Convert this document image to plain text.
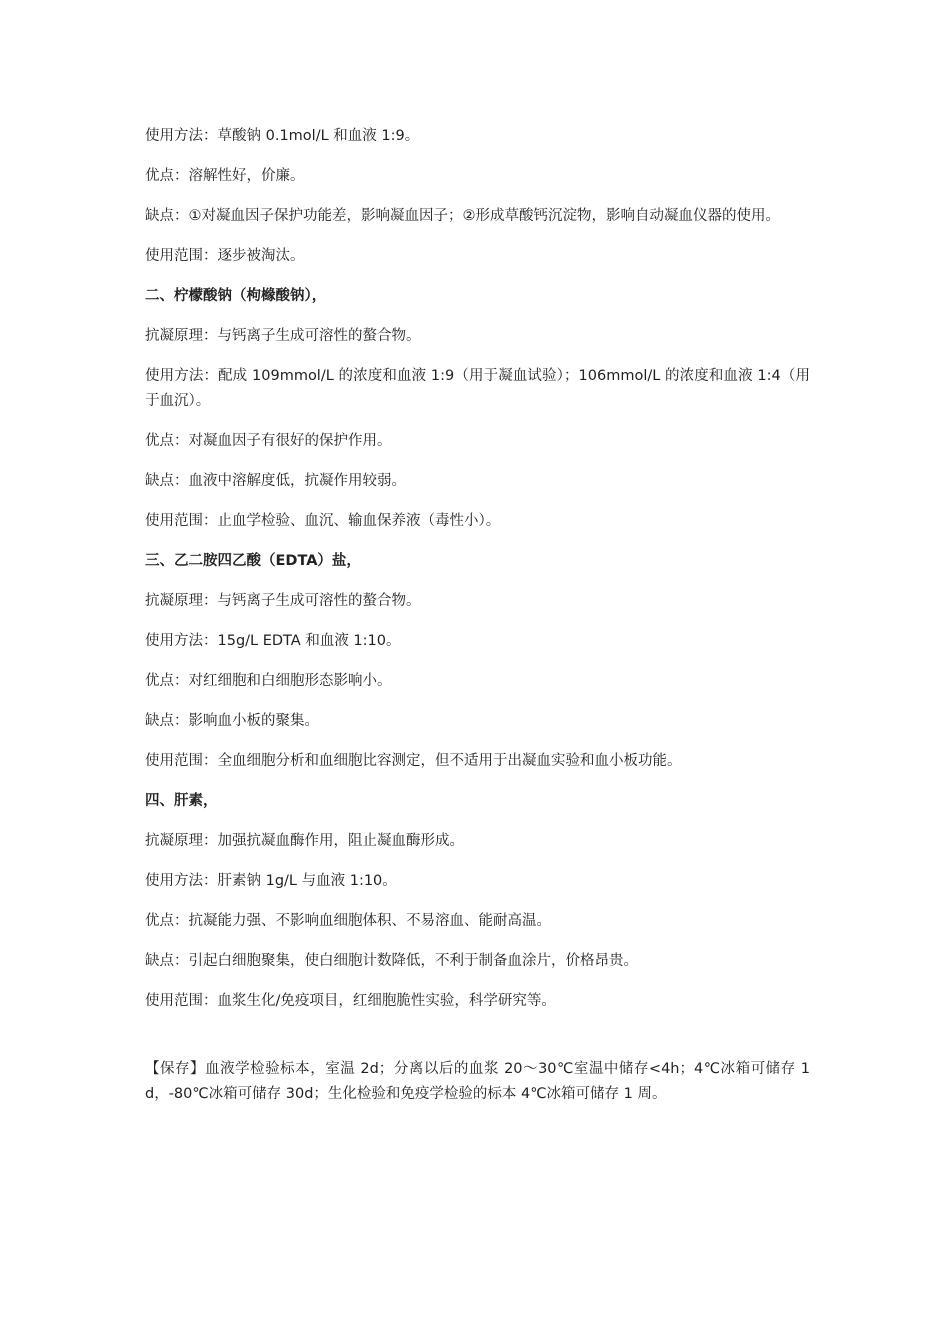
使用方法：草酸钠 0.1mol/L 和血液 1:9。

优点：溶解性好，价廉。

缺点：①对凝血因子保护功能差，影响凝血因子；②形成草酸钙沉淀物，影响自动凝血仪器的使用。

使用范围：逐步被淘汰。

二、柠檬酸钠（枸橼酸钠），

抗凝原理：与钙离子生成可溶性的螯合物。

使用方法：配成 109mmol/L 的浓度和血液 1:9（用于凝血试验）；106mmol/L 的浓度和血液 1:4（用于血沉）。

优点：对凝血因子有很好的保护作用。

缺点：血液中溶解度低，抗凝作用较弱。

使用范围：止血学检验、血沉、输血保养液（毒性小）。

三、乙二胺四乙酸（EDTA）盐，

抗凝原理：与钙离子生成可溶性的螯合物。

使用方法：15g/L EDTA 和血液 1:10。

优点：对红细胞和白细胞形态影响小。

缺点：影响血小板的聚集。

使用范围：全血细胞分析和血细胞比容测定，但不适用于出凝血实验和血小板功能。

四、肝素，

抗凝原理：加强抗凝血酶作用，阻止凝血酶形成。

使用方法：肝素钠 1g/L 与血液 1:10。

优点：抗凝能力强、不影响血细胞体积、不易溶血、能耐高温。

缺点：引起白细胞聚集，使白细胞计数降低，不利于制备血涂片，价格昂贵。

使用范围：血浆生化/免疫项目，红细胞脆性实验，科学研究等。

【保存】血液学检验标本，室温 2d；分离以后的血浆 20～30℃室温中储存<4h；4℃冰箱可储存 1d，-80℃冰箱可储存 30d；生化检验和免疫学检验的标本 4℃冰箱可储存 1 周。
